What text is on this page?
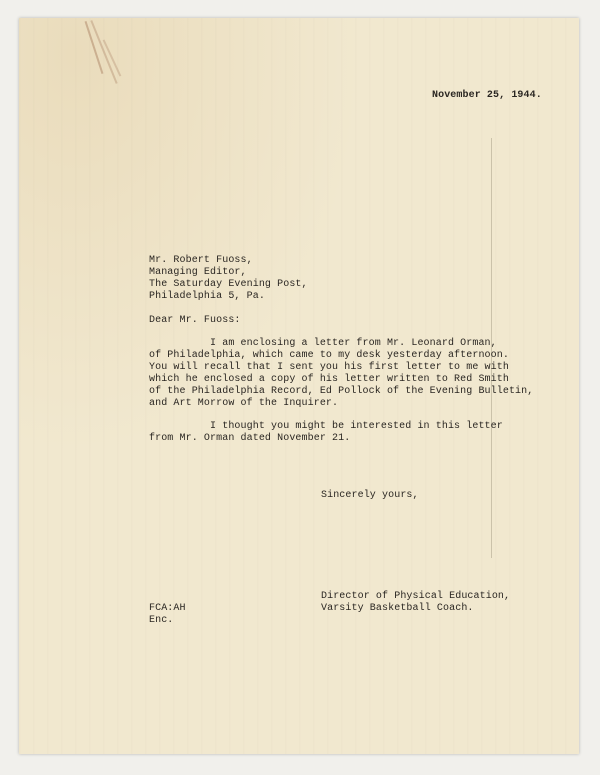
November 25, 1944.
Mr. Robert Fuoss,
Managing Editor,
The Saturday Evening Post,
Philadelphia 5, Pa.
Dear Mr. Fuoss:
I am enclosing a letter from Mr. Leonard Orman,
of Philadelphia, which came to my desk yesterday afternoon.
You will recall that I sent you his first letter to me with
which he enclosed a copy of his letter written to Red Smith
of the Philadelphia Record, Ed Pollock of the Evening Bulletin,
and Art Morrow of the Inquirer.
I thought you might be interested in this letter
from Mr. Orman dated November 21.
Sincerely yours,
Director of Physical Education,
Varsity Basketball Coach.
FCA:AH
Enc.
